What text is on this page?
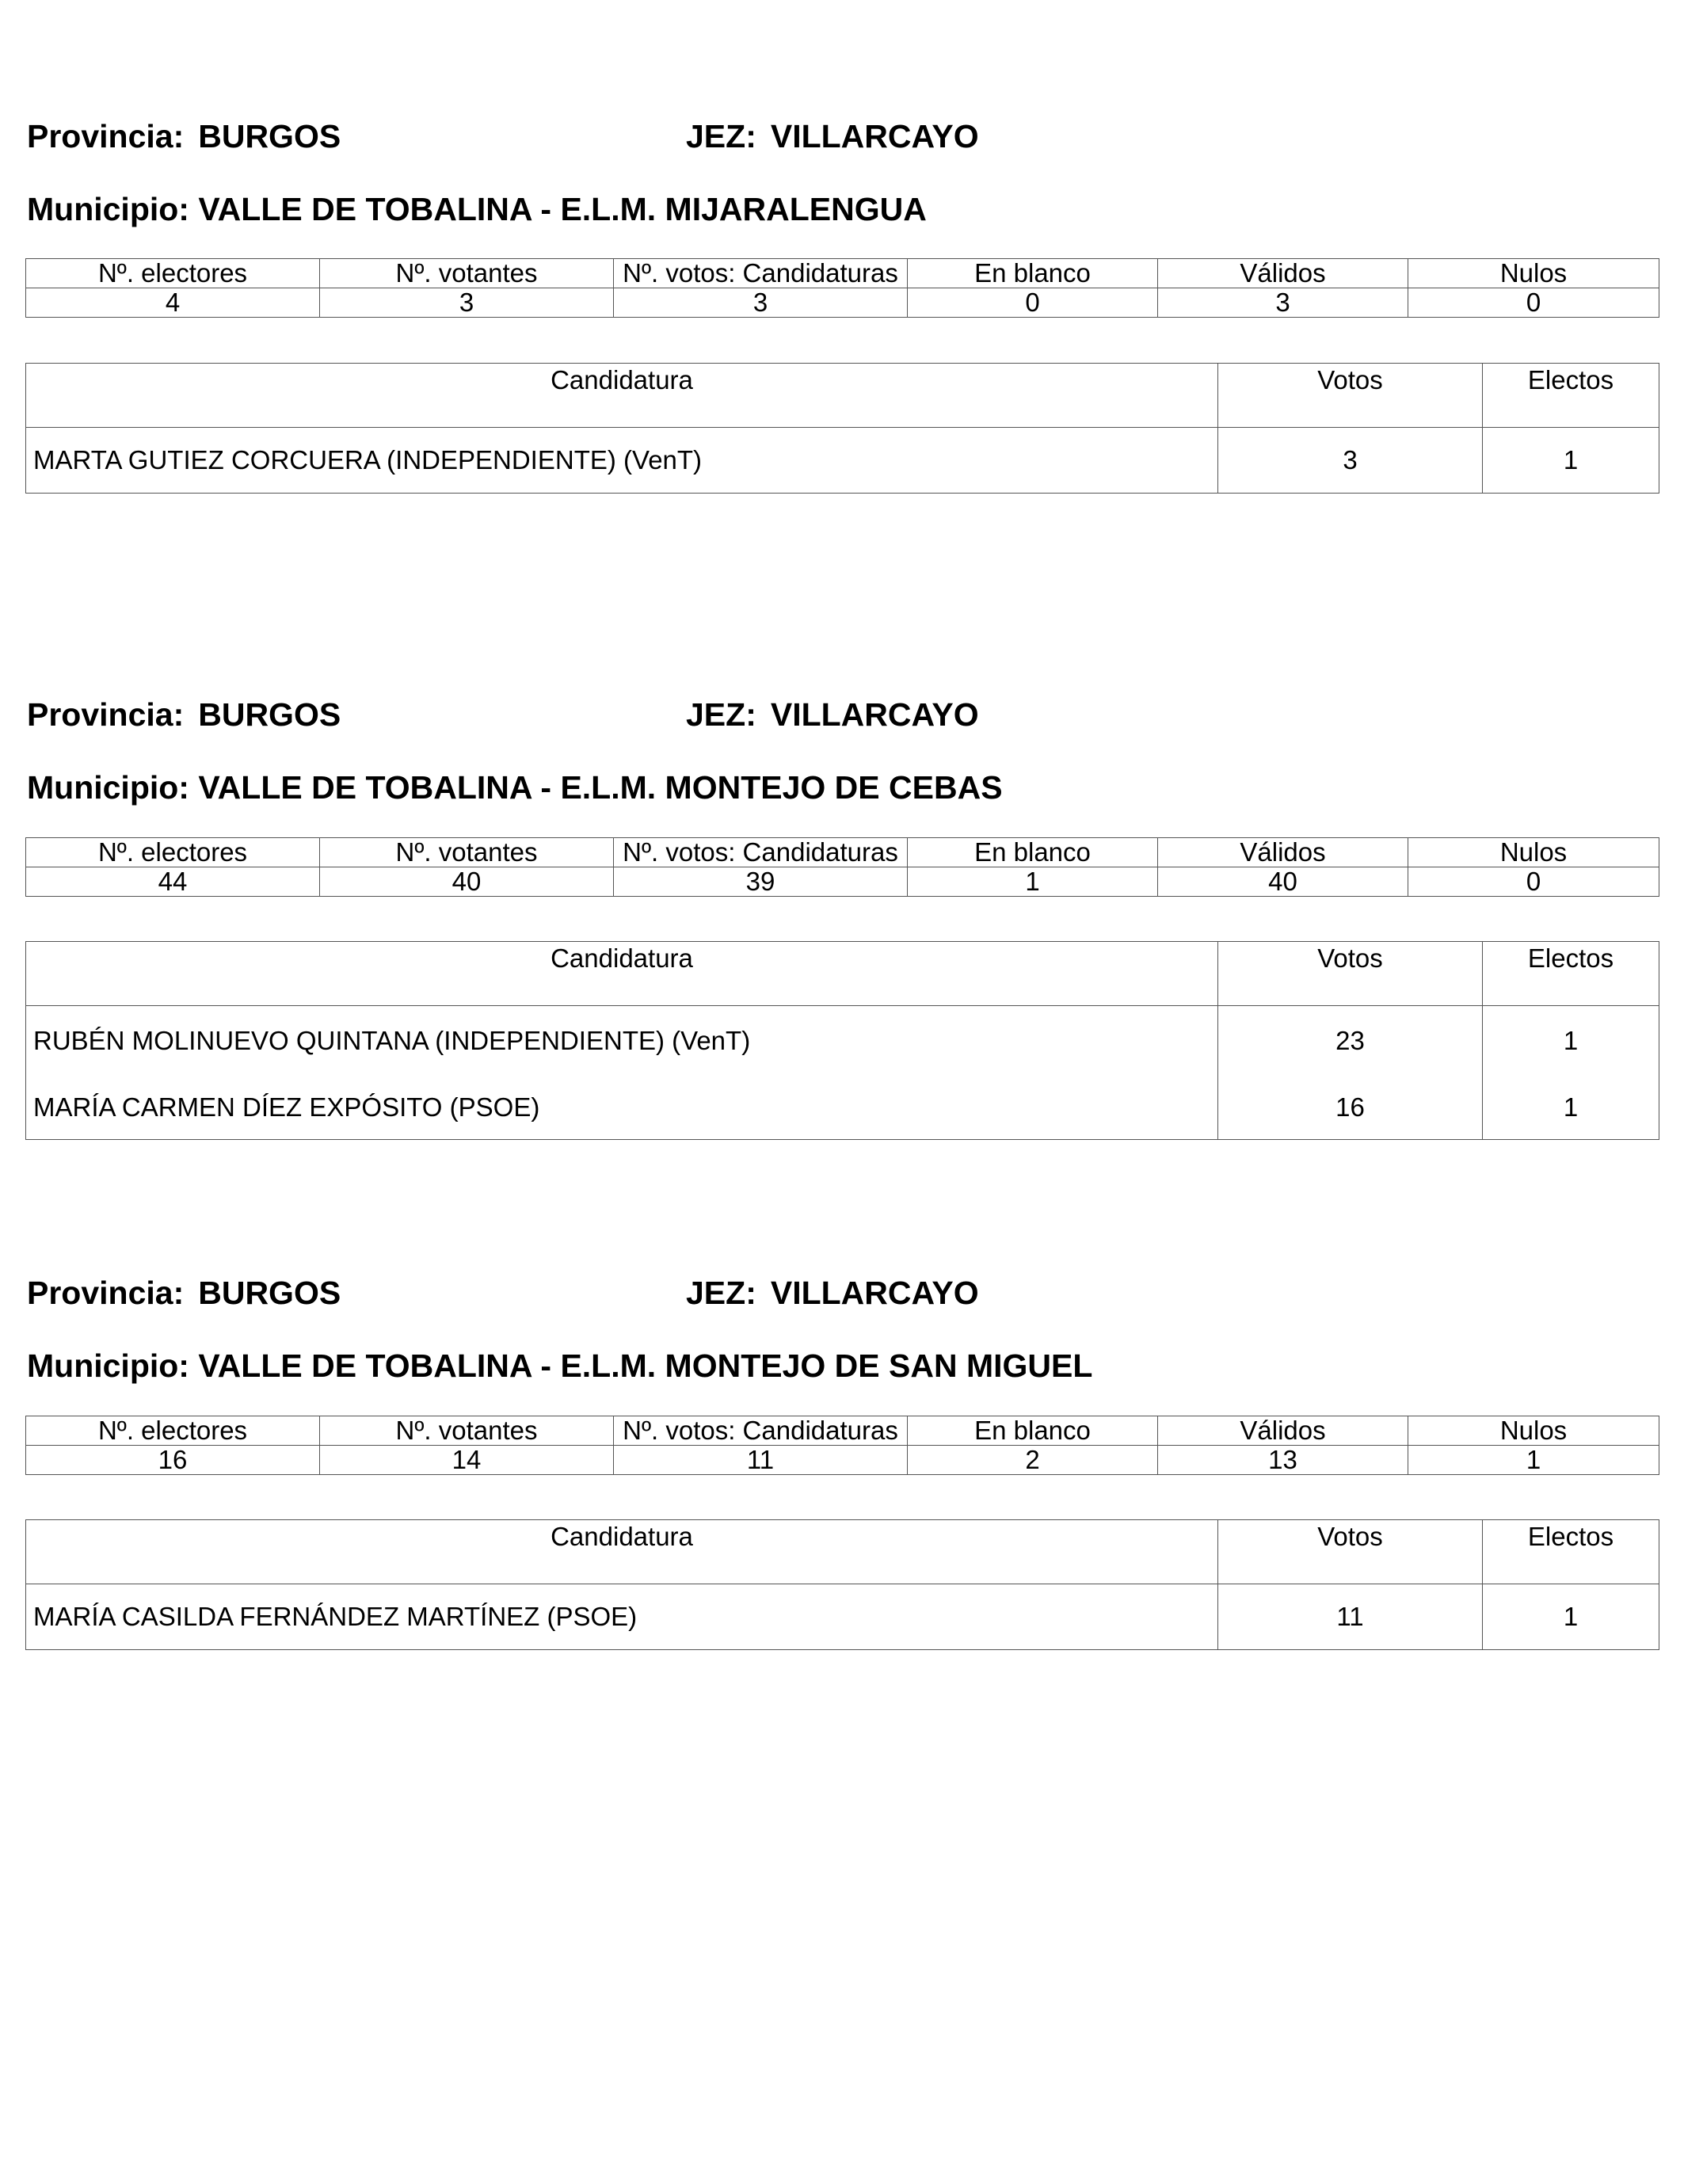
Provincia: BURGOS	JEZ: VILLARCAYO
Municipio: VALLE DE TOBALINA - E.L.M. MIJARALENGUA
Nº. electores	Nº. votantes	Nº. votos: Candidaturas	En blanco	Válidos	Nulos
4	3	3	0	3	0
Candidatura	Votos	Electos
MARTA GUTIEZ CORCUERA (INDEPENDIENTE) (VenT)	3	1
Provincia: BURGOS	JEZ: VILLARCAYO
Municipio: VALLE DE TOBALINA - E.L.M. MONTEJO DE CEBAS
Nº. electores	Nº. votantes	Nº. votos: Candidaturas	En blanco	Válidos	Nulos
44	40	39	1	40	0
Candidatura	Votos	Electos
RUBÉN MOLINUEVO QUINTANA (INDEPENDIENTE) (VenT)	23	1
MARÍA CARMEN DÍEZ EXPÓSITO (PSOE)	16	1
Provincia: BURGOS	JEZ: VILLARCAYO
Municipio: VALLE DE TOBALINA - E.L.M. MONTEJO DE SAN MIGUEL
Nº. electores	Nº. votantes	Nº. votos: Candidaturas	En blanco	Válidos	Nulos
16	14	11	2	13	1
Candidatura	Votos	Electos
MARÍA CASILDA FERNÁNDEZ MARTÍNEZ (PSOE)	11	1
